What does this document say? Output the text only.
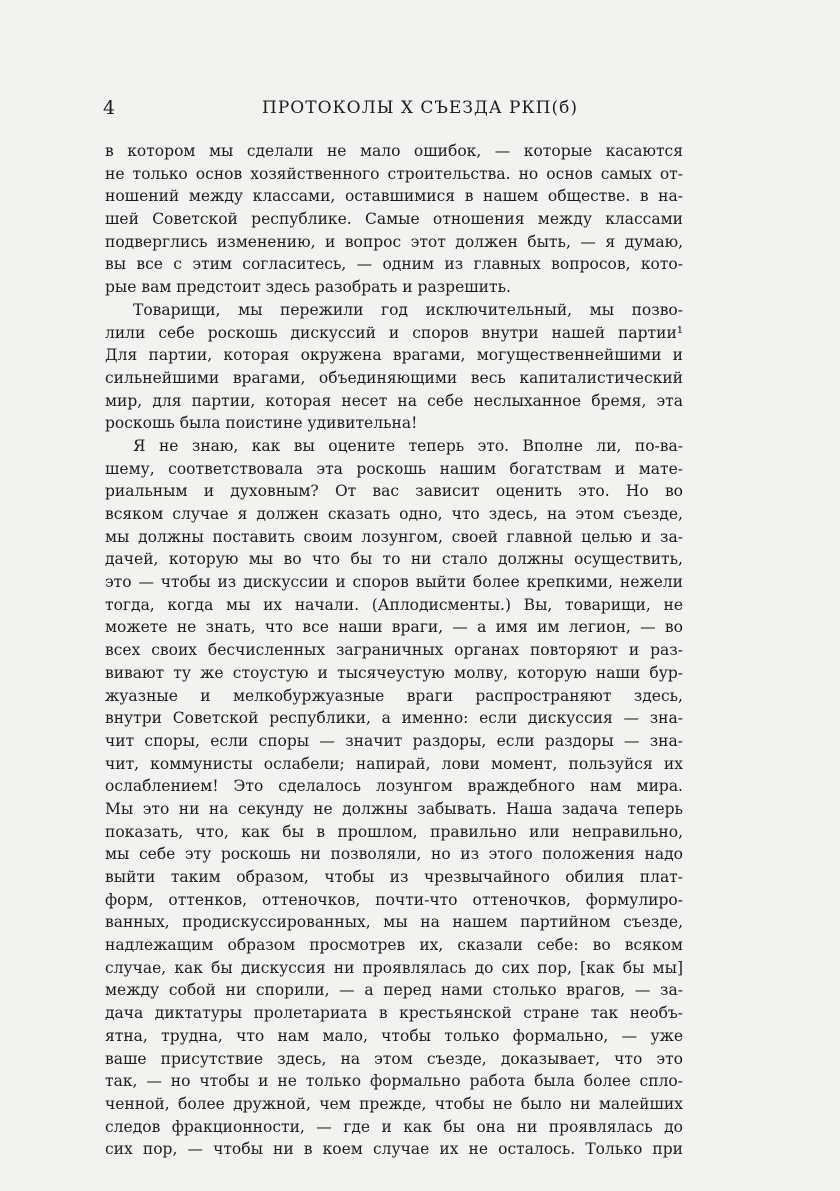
4	ПРОТОКОЛЫ X СЪЕЗДА РКП(б)
в котором мы сделали не мало ошибок, — которые касаются
не только основ хозяйственного строительства. но основ самых от-
ношений между классами, оставшимися в нашем обществе. в на-
шей Советской республике. Самые отношения между классами
подверглись изменению, и вопрос этот должен быть, — я думаю,
вы все с этим согласитесь, — одним из главных вопросов, кото-
рые вам предстоит здесь разобрать и разрешить.
Товарищи, мы пережили год исключительный, мы позво-
лили себе роскошь дискуссий и споров внутри нашей партии¹
Для партии, которая окружена врагами, могущественнейшими и
сильнейшими врагами, объединяющими весь капиталистический
мир, для партии, которая несет на себе неслыханное бремя, эта
роскошь была поистине удивительна!
Я не знаю, как вы оцените теперь это. Вполне ли, по-ва-
шему, соответствовала эта роскошь нашим богатствам и мате-
риальным и духовным? От вас зависит оценить это. Но во
всяком случае я должен сказать одно, что здесь, на этом съезде,
мы должны поставить своим лозунгом, своей главной целью и за-
дачей, которую мы во что бы то ни стало должны осуществить,
это — чтобы из дискуссии и споров выйти более крепкими, нежели
тогда, когда мы их начали. (Аплодисменты.) Вы, товарищи, не
можете не знать, что все наши враги, — а имя им легион, — во
всех своих бесчисленных заграничных органах повторяют и раз-
вивают ту же стоустую и тысячеустую молву, которую наши бур-
жуазные и мелкобуржуазные враги распространяют здесь,
внутри Советской республики, а именно: если дискуссия — зна-
чит споры, если споры — значит раздоры, если раздоры — зна-
чит, коммунисты ослабели; напирай, лови момент, пользуйся их
ослаблением! Это сделалось лозунгом враждебного нам мира.
Мы это ни на секунду не должны забывать. Наша задача теперь
показать, что, как бы в прошлом, правильно или неправильно,
мы себе эту роскошь ни позволяли, но из этого положения надо
выйти таким образом, чтобы из чрезвычайного обилия плат-
форм, оттенков, оттеночков, почти-что оттеночков, формулиро-
ванных, продискуссированных, мы на нашем партийном съезде,
надлежащим образом просмотрев их, сказали себе: во всяком
случае, как бы дискуссия ни проявлялась до сих пор, [как бы мы]
между собой ни спорили, — а перед нами столько врагов, — за-
дача диктатуры пролетариата в крестьянской стране так необъ-
ятна, трудна, что нам мало, чтобы только формально, — уже
ваше присутствие здесь, на этом съезде, доказывает, что это
так, — но чтобы и не только формально работа была более спло-
ченной, более дружной, чем прежде, чтобы не было ни малейших
следов фракционности, — где и как бы она ни проявлялась до
сих пор, — чтобы ни в коем случае их не осталось. Только при
